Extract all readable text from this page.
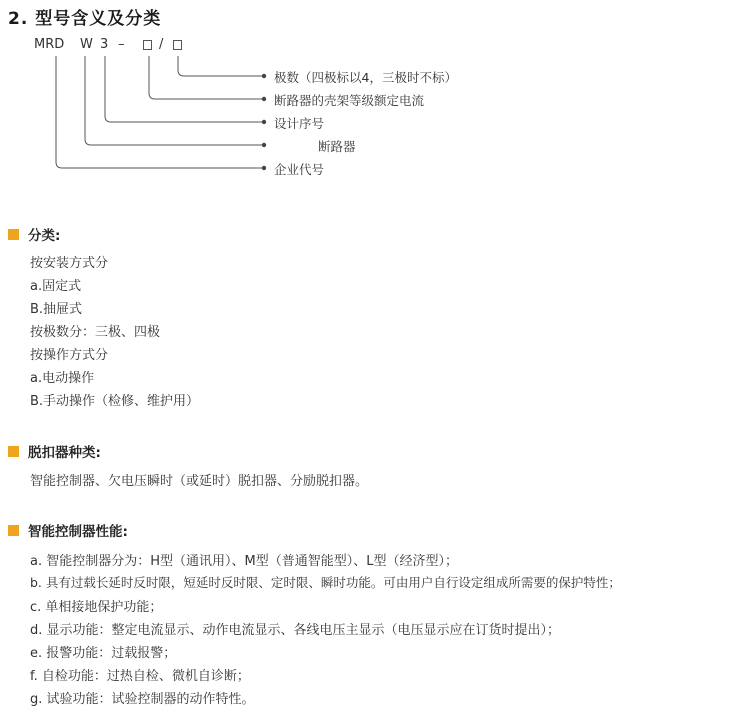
2. 型号含义及分类
MRD W 3 –	/
极数（四极标以4，三极时不标）
断路器的壳架等级额定电流
设计序号
断路器
企业代号
分类:
按安装方式分
a.固定式
B.抽屉式
按极数分：三极、四极
按操作方式分
a.电动操作
B.手动操作（检修、维护用）
脱扣器种类:
智能控制器、欠电压瞬时（或延时）脱扣器、分励脱扣器。
智能控制器性能:
a. 智能控制器分为：H型（通讯用）、M型（普通智能型）、L型（经济型）；
b. 具有过载长延时反时限，短延时反时限、定时限、瞬时功能。可由用户自行设定组成所需要的保护特性；
c. 单相接地保护功能；
d. 显示功能：整定电流显示、动作电流显示、各线电压主显示（电压显示应在订货时提出）；
e. 报警功能：过载报警；
f. 自检功能：过热自检、微机自诊断；
g. 试验功能：试验控制器的动作特性。
